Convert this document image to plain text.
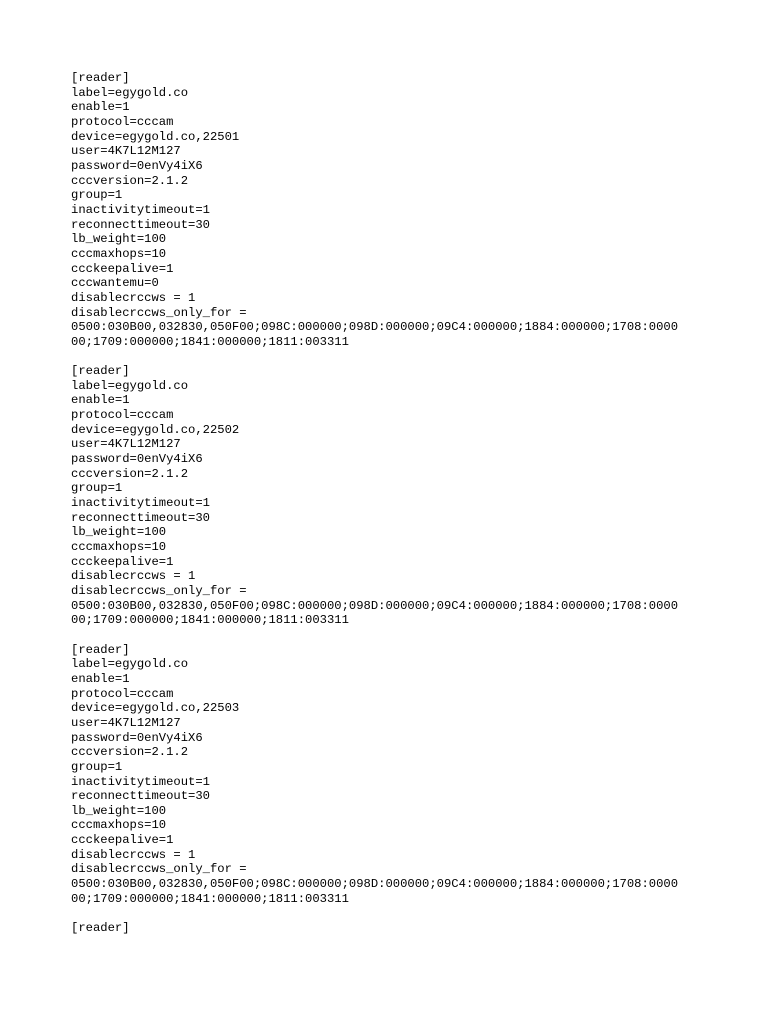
[reader]
label=egygold.co
enable=1
protocol=cccam
device=egygold.co,22501
user=4K7L12M127
password=0enVy4iX6
cccversion=2.1.2
group=1
inactivitytimeout=1
reconnecttimeout=30
lb_weight=100
cccmaxhops=10
ccckeepalive=1
cccwantemu=0
disablecrccws = 1
disablecrccws_only_for =
0500:030B00,032830,050F00;098C:000000;098D:000000;09C4:000000;1884:000000;1708:0000
00;1709:000000;1841:000000;1811:003311
[reader]
label=egygold.co
enable=1
protocol=cccam
device=egygold.co,22502
user=4K7L12M127
password=0enVy4iX6
cccversion=2.1.2
group=1
inactivitytimeout=1
reconnecttimeout=30
lb_weight=100
cccmaxhops=10
ccckeepalive=1
disablecrccws = 1
disablecrccws_only_for =
0500:030B00,032830,050F00;098C:000000;098D:000000;09C4:000000;1884:000000;1708:0000
00;1709:000000;1841:000000;1811:003311
[reader]
label=egygold.co
enable=1
protocol=cccam
device=egygold.co,22503
user=4K7L12M127
password=0enVy4iX6
cccversion=2.1.2
group=1
inactivitytimeout=1
reconnecttimeout=30
lb_weight=100
cccmaxhops=10
ccckeepalive=1
disablecrccws = 1
disablecrccws_only_for =
0500:030B00,032830,050F00;098C:000000;098D:000000;09C4:000000;1884:000000;1708:0000
00;1709:000000;1841:000000;1811:003311
[reader]
